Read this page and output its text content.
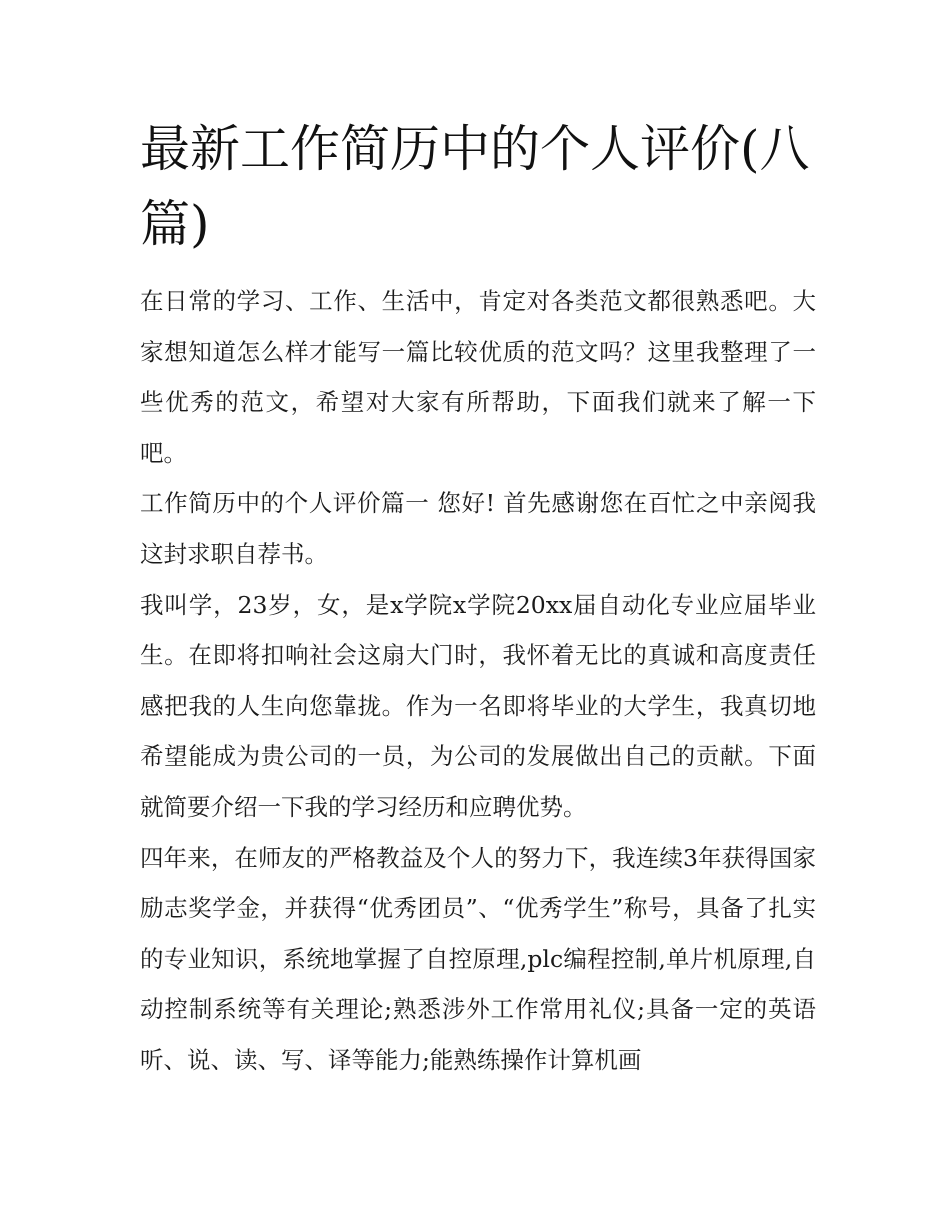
最新工作简历中的个人评价(八篇)

在日常的学习、工作、生活中，肯定对各类范文都很熟悉吧。大家想知道怎么样才能写一篇比较优质的范文吗？这里我整理了一些优秀的范文，希望对大家有所帮助，下面我们就来了解一下吧。

工作简历中的个人评价篇一 您好! 首先感谢您在百忙之中亲阅我这封求职自荐书。

我叫学，23岁，女，是x学院x学院20xx届自动化专业应届毕业生。在即将扣响社会这扇大门时，我怀着无比的真诚和高度责任感把我的人生向您靠拢。作为一名即将毕业的大学生，我真切地希望能成为贵公司的一员，为公司的发展做出自己的贡献。下面就简要介绍一下我的学习经历和应聘优势。

四年来，在师友的严格教益及个人的努力下，我连续3年获得国家励志奖学金，并获得“优秀团员”、“优秀学生”称号，具备了扎实的专业知识，系统地掌握了自控原理,plc编程控制,单片机原理,自动控制系统等有关理论;熟悉涉外工作常用礼仪;具备一定的英语听、说、读、写、译等能力;能熟练操作计算机画
